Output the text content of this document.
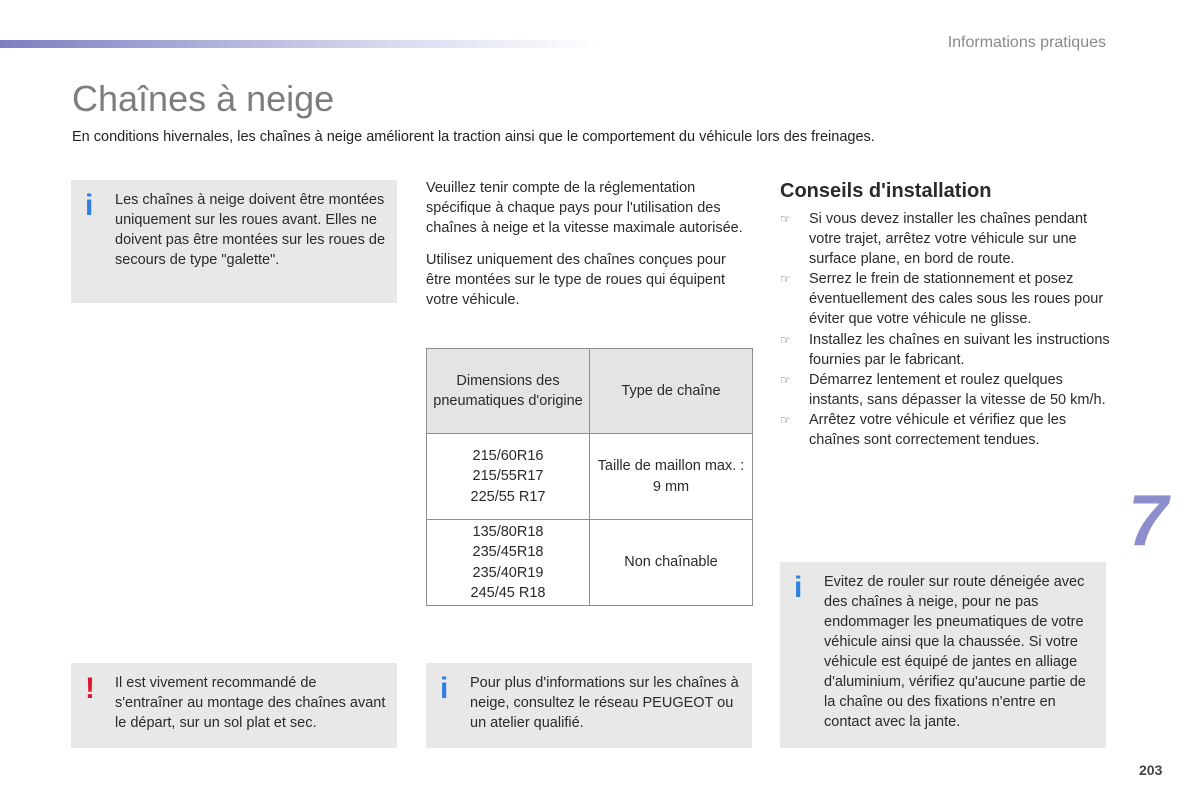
Informations pratiques
Chaînes à neige
En conditions hivernales, les chaînes à neige améliorent la traction ainsi que le comportement du véhicule lors des freinages.
i Les chaînes à neige doivent être montées uniquement sur les roues avant. Elles ne doivent pas être montées sur les roues de secours de type "galette".

Veuillez tenir compte de la réglementation spécifique à chaque pays pour l'utilisation des chaînes à neige et la vitesse maximale autorisée.

Utilisez uniquement des chaînes conçues pour être montées sur le type de roues qui équipent votre véhicule.

Dimensions des pneumatiques d'origine	Type de chaîne

215/60R16
215/55R17
225/55 R17	Taille de maillon max. : 9 mm

135/80R18
235/45R18
235/40R19
245/45 R18	Non chaînable
Conseils d'installation
☞ Si vous devez installer les chaînes pendant votre trajet, arrêtez votre véhicule sur une surface plane, en bord de route.
☞ Serrez le frein de stationnement et posez éventuellement des cales sous les roues pour éviter que votre véhicule ne glisse.
☞ Installez les chaînes en suivant les instructions fournies par le fabricant.
☞ Démarrez lentement et roulez quelques instants, sans dépasser la vitesse de 50 km/h.
☞ Arrêtez votre véhicule et vérifiez que les chaînes sont correctement tendues.
7
i Evitez de rouler sur route déneigée avec des chaînes à neige, pour ne pas endommager les pneumatiques de votre véhicule ainsi que la chaussée. Si votre véhicule est équipé de jantes en alliage d'aluminium, vérifiez qu'aucune partie de la chaîne ou des fixations n'entre en contact avec la jante.
! Il est vivement recommandé de s'entraîner au montage des chaînes avant le départ, sur un sol plat et sec.
i Pour plus d'informations sur les chaînes à neige, consultez le réseau PEUGEOT ou un atelier qualifié.
203
